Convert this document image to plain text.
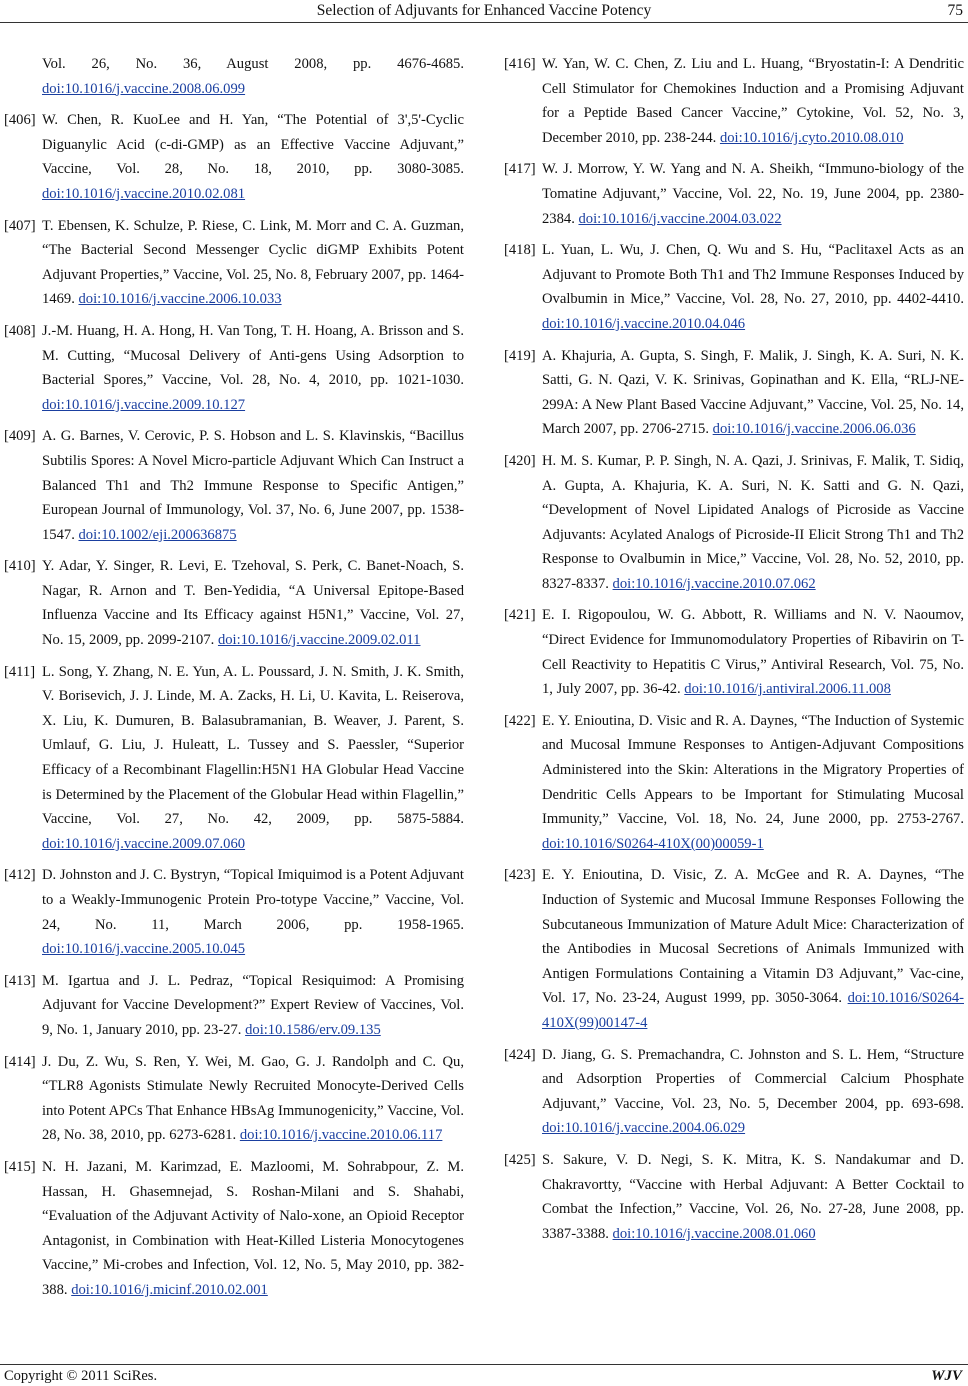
Selection of Adjuvants for Enhanced Vaccine Potency	75
Vol. 26, No. 36, August 2008, pp. 4676-4685. doi:10.1016/j.vaccine.2008.06.099
[406] W. Chen, R. KuoLee and H. Yan, “The Potential of 3',5'-Cyclic Diguanylic Acid (c-di-GMP) as an Effective Vaccine Adjuvant,” Vaccine, Vol. 28, No. 18, 2010, pp. 3080-3085. doi:10.1016/j.vaccine.2010.02.081
[407] T. Ebensen, K. Schulze, P. Riese, C. Link, M. Morr and C. A. Guzman, “The Bacterial Second Messenger Cyclic diGMP Exhibits Potent Adjuvant Properties,” Vaccine, Vol. 25, No. 8, February 2007, pp. 1464-1469. doi:10.1016/j.vaccine.2006.10.033
[408] J.-M. Huang, H. A. Hong, H. Van Tong, T. H. Hoang, A. Brisson and S. M. Cutting, “Mucosal Delivery of Anti-gens Using Adsorption to Bacterial Spores,” Vaccine, Vol. 28, No. 4, 2010, pp. 1021-1030. doi:10.1016/j.vaccine.2009.10.127
[409] A. G. Barnes, V. Cerovic, P. S. Hobson and L. S. Klavinskis, “Bacillus Subtilis Spores: A Novel Micro-particle Adjuvant Which Can Instruct a Balanced Th1 and Th2 Immune Response to Specific Antigen,” European Journal of Immunology, Vol. 37, No. 6, June 2007, pp. 1538-1547. doi:10.1002/eji.200636875
[410] Y. Adar, Y. Singer, R. Levi, E. Tzehoval, S. Perk, C. Banet-Noach, S. Nagar, R. Arnon and T. Ben-Yedidia, “A Universal Epitope-Based Influenza Vaccine and Its Efficacy against H5N1,” Vaccine, Vol. 27, No. 15, 2009, pp. 2099-2107. doi:10.1016/j.vaccine.2009.02.011
[411] L. Song, Y. Zhang, N. E. Yun, A. L. Poussard, J. N. Smith, J. K. Smith, V. Borisevich, J. J. Linde, M. A. Zacks, H. Li, U. Kavita, L. Reiserova, X. Liu, K. Dumuren, B. Balasubramanian, B. Weaver, J. Parent, S. Umlauf, G. Liu, J. Huleatt, L. Tussey and S. Paessler, “Superior Efficacy of a Recombinant Flagellin:H5N1 HA Globular Head Vaccine is Determined by the Placement of the Globular Head within Flagellin,” Vaccine, Vol. 27, No. 42, 2009, pp. 5875-5884. doi:10.1016/j.vaccine.2009.07.060
[412] D. Johnston and J. C. Bystryn, “Topical Imiquimod is a Potent Adjuvant to a Weakly-Immunogenic Protein Pro-totype Vaccine,” Vaccine, Vol. 24, No. 11, March 2006, pp. 1958-1965. doi:10.1016/j.vaccine.2005.10.045
[413] M. Igartua and J. L. Pedraz, “Topical Resiquimod: A Promising Adjuvant for Vaccine Development?” Expert Review of Vaccines, Vol. 9, No. 1, January 2010, pp. 23-27. doi:10.1586/erv.09.135
[414] J. Du, Z. Wu, S. Ren, Y. Wei, M. Gao, G. J. Randolph and C. Qu, “TLR8 Agonists Stimulate Newly Recruited Monocyte-Derived Cells into Potent APCs That Enhance HBsAg Immunogenicity,” Vaccine, Vol. 28, No. 38, 2010, pp. 6273-6281. doi:10.1016/j.vaccine.2010.06.117
[415] N. H. Jazani, M. Karimzad, E. Mazloomi, M. Sohrabpour, Z. M. Hassan, H. Ghasemnejad, S. Roshan-Milani and S. Shahabi, “Evaluation of the Adjuvant Activity of Nalo-xone, an Opioid Receptor Antagonist, in Combination with Heat-Killed Listeria Monocytogenes Vaccine,” Mi-crobes and Infection, Vol. 12, No. 5, May 2010, pp. 382-388. doi:10.1016/j.micinf.2010.02.001
[416] W. Yan, W. C. Chen, Z. Liu and L. Huang, “Bryostatin-I: A Dendritic Cell Stimulator for Chemokines Induction and a Promising Adjuvant for a Peptide Based Cancer Vaccine,” Cytokine, Vol. 52, No. 3, December 2010, pp. 238-244. doi:10.1016/j.cyto.2010.08.010
[417] W. J. Morrow, Y. W. Yang and N. A. Sheikh, “Immuno-biology of the Tomatine Adjuvant,” Vaccine, Vol. 22, No. 19, June 2004, pp. 2380-2384. doi:10.1016/j.vaccine.2004.03.022
[418] L. Yuan, L. Wu, J. Chen, Q. Wu and S. Hu, “Paclitaxel Acts as an Adjuvant to Promote Both Th1 and Th2 Immune Responses Induced by Ovalbumin in Mice,” Vaccine, Vol. 28, No. 27, 2010, pp. 4402-4410. doi:10.1016/j.vaccine.2010.04.046
[419] A. Khajuria, A. Gupta, S. Singh, F. Malik, J. Singh, K. A. Suri, N. K. Satti, G. N. Qazi, V. K. Srinivas, Gopinathan and K. Ella, “RLJ-NE-299A: A New Plant Based Vaccine Adjuvant,” Vaccine, Vol. 25, No. 14, March 2007, pp. 2706-2715. doi:10.1016/j.vaccine.2006.06.036
[420] H. M. S. Kumar, P. P. Singh, N. A. Qazi, J. Srinivas, F. Malik, T. Sidiq, A. Gupta, A. Khajuria, K. A. Suri, N. K. Satti and G. N. Qazi, “Development of Novel Lipidated Analogs of Picroside as Vaccine Adjuvants: Acylated Analogs of Picroside-II Elicit Strong Th1 and Th2 Response to Ovalbumin in Mice,” Vaccine, Vol. 28, No. 52, 2010, pp. 8327-8337. doi:10.1016/j.vaccine.2010.07.062
[421] E. I. Rigopoulou, W. G. Abbott, R. Williams and N. V. Naoumov, “Direct Evidence for Immunomodulatory Properties of Ribavirin on T-Cell Reactivity to Hepatitis C Virus,” Antiviral Research, Vol. 75, No. 1, July 2007, pp. 36-42. doi:10.1016/j.antiviral.2006.11.008
[422] E. Y. Enioutina, D. Visic and R. A. Daynes, “The Induction of Systemic and Mucosal Immune Responses to Antigen-Adjuvant Compositions Administered into the Skin: Alterations in the Migratory Properties of Dendritic Cells Appears to be Important for Stimulating Mucosal Immunity,” Vaccine, Vol. 18, No. 24, June 2000, pp. 2753-2767. doi:10.1016/S0264-410X(00)00059-1
[423] E. Y. Enioutina, D. Visic, Z. A. McGee and R. A. Daynes, “The Induction of Systemic and Mucosal Immune Responses Following the Subcutaneous Immunization of Mature Adult Mice: Characterization of the Antibodies in Mucosal Secretions of Animals Immunized with Antigen Formulations Containing a Vitamin D3 Adjuvant,” Vac-cine, Vol. 17, No. 23-24, August 1999, pp. 3050-3064. doi:10.1016/S0264-410X(99)00147-4
[424] D. Jiang, G. S. Premachandra, C. Johnston and S. L. Hem, “Structure and Adsorption Properties of Commercial Calcium Phosphate Adjuvant,” Vaccine, Vol. 23, No. 5, December 2004, pp. 693-698. doi:10.1016/j.vaccine.2004.06.029
[425] S. Sakure, V. D. Negi, S. K. Mitra, K. S. Nandakumar and D. Chakravortty, “Vaccine with Herbal Adjuvant: A Better Cocktail to Combat the Infection,” Vaccine, Vol. 26, No. 27-28, June 2008, pp. 3387-3388. doi:10.1016/j.vaccine.2008.01.060
Copyright © 2011 SciRes.	WJV
